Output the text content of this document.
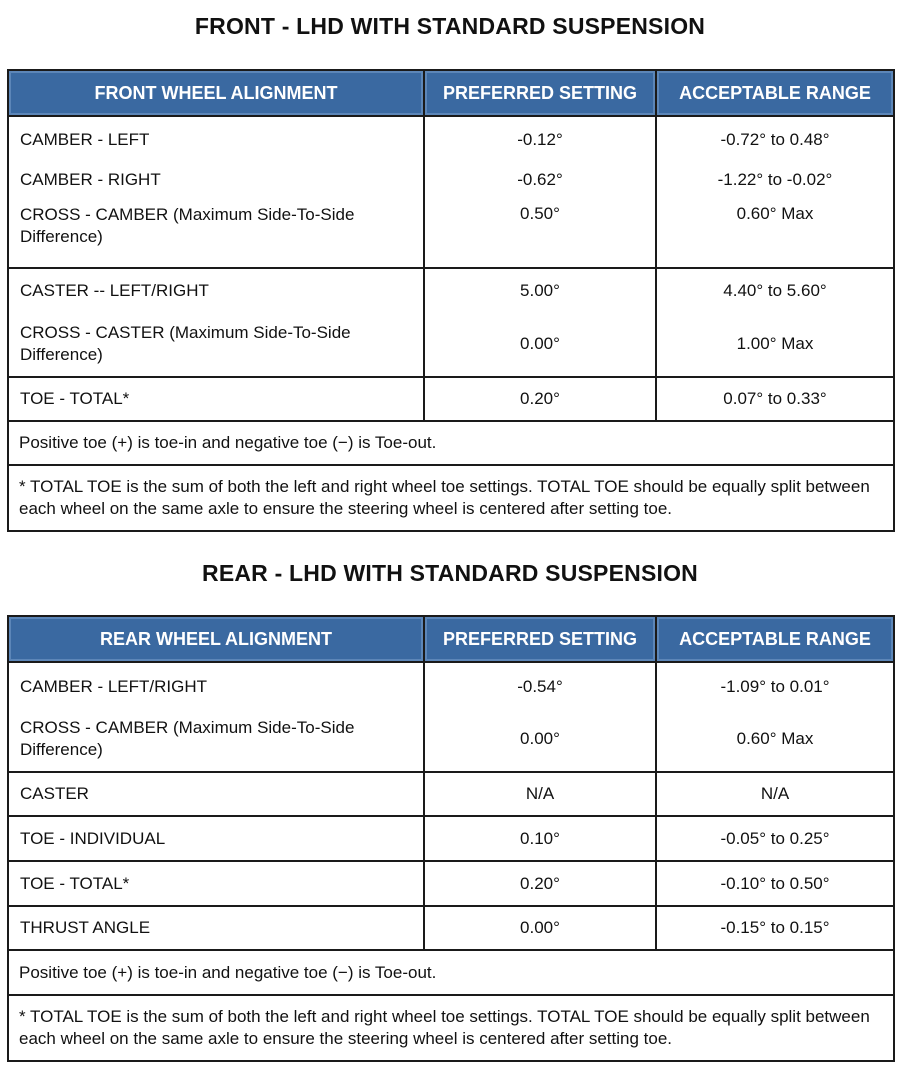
FRONT - LHD WITH STANDARD SUSPENSION
FRONT WHEEL ALIGNMENT	PREFERRED SETTING	ACCEPTABLE RANGE
CAMBER - LEFT	-0.12°	-0.72° to 0.48°
CAMBER - RIGHT	-0.62°	-1.22° to -0.02°
CROSS - CAMBER (Maximum Side-To-Side Difference)	0.50°	0.60° Max
CASTER -- LEFT/RIGHT	5.00°	4.40° to 5.60°
CROSS - CASTER (Maximum Side-To-Side Difference)	0.00°	1.00° Max
TOE - TOTAL*	0.20°	0.07° to 0.33°
Positive toe (+) is toe-in and negative toe (−) is Toe-out.		
* TOTAL TOE is the sum of both the left and right wheel toe settings. TOTAL TOE should be equally split between each wheel on the same axle to ensure the steering wheel is centered after setting toe.		
REAR - LHD WITH STANDARD SUSPENSION
REAR WHEEL ALIGNMENT	PREFERRED SETTING	ACCEPTABLE RANGE
CAMBER - LEFT/RIGHT	-0.54°	-1.09° to 0.01°
CROSS - CAMBER (Maximum Side-To-Side Difference)	0.00°	0.60° Max
CASTER	N/A	N/A
TOE - INDIVIDUAL	0.10°	-0.05° to 0.25°
TOE - TOTAL*	0.20°	-0.10° to 0.50°
THRUST ANGLE	0.00°	-0.15° to 0.15°
Positive toe (+) is toe-in and negative toe (−) is Toe-out.		
* TOTAL TOE is the sum of both the left and right wheel toe settings. TOTAL TOE should be equally split between each wheel on the same axle to ensure the steering wheel is centered after setting toe.		
